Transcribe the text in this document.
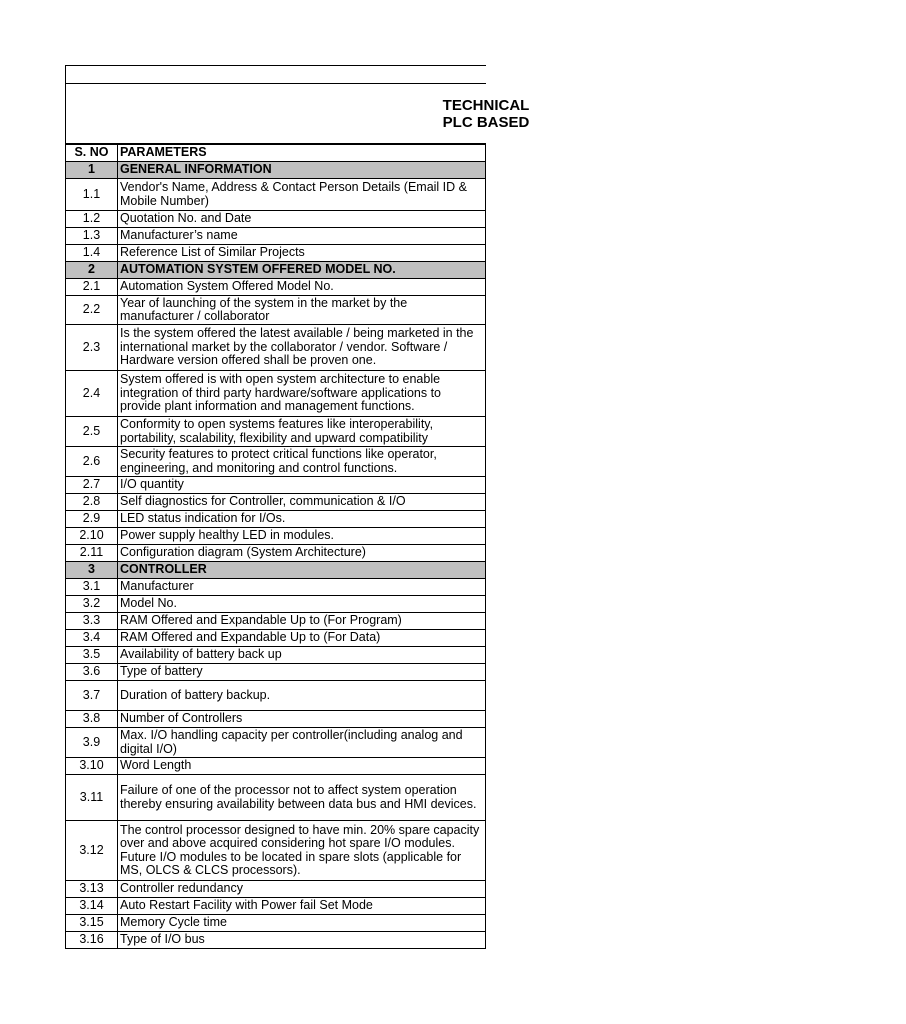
TECHNICAL
PLC BASED
S. NO	PARAMETERS
1	GENERAL INFORMATION
1.1	Vendor's Name, Address & Contact Person Details (Email ID & Mobile Number)
1.2	Quotation No. and Date
1.3	Manufacturer’s name
1.4	Reference List of Similar Projects
2	AUTOMATION SYSTEM OFFERED MODEL NO.
2.1	Automation System Offered Model No.
2.2	Year of launching of the system in the market by the manufacturer / collaborator
2.3	Is the system offered the latest available / being marketed in the international market by the collaborator / vendor. Software / Hardware version offered shall be proven one.
2.4	System offered is with open system architecture to enable integration of third party hardware/software applications to provide plant information and management functions.
2.5	Conformity to open systems features like interoperability, portability, scalability, flexibility and upward compatibility
2.6	Security features to protect critical functions like operator, engineering, and monitoring and control functions.
2.7	I/O quantity
2.8	Self diagnostics for Controller, communication & I/O
2.9	LED status indication for I/Os.
2.10	Power supply healthy LED in modules.
2.11	Configuration diagram (System Architecture)
3	CONTROLLER
3.1	Manufacturer
3.2	Model No.
3.3	RAM Offered and Expandable Up to (For Program)
3.4	RAM Offered and Expandable Up to (For Data)
3.5	Availability of battery back up
3.6	Type of battery
3.7	Duration of battery backup.
3.8	Number of Controllers
3.9	Max. I/O handling capacity per controller(including analog and digital I/O)
3.10	Word Length
3.11	Failure of one of the processor not to affect system operation thereby ensuring availability between data bus and HMI devices.
3.12	The control processor designed to have min. 20% spare capacity over and above acquired considering hot spare I/O modules. Future I/O modules to be located in spare slots (applicable for MS, OLCS & CLCS processors).
3.13	Controller redundancy
3.14	Auto Restart Facility with Power fail Set Mode
3.15	Memory Cycle time
3.16	Type of I/O bus
